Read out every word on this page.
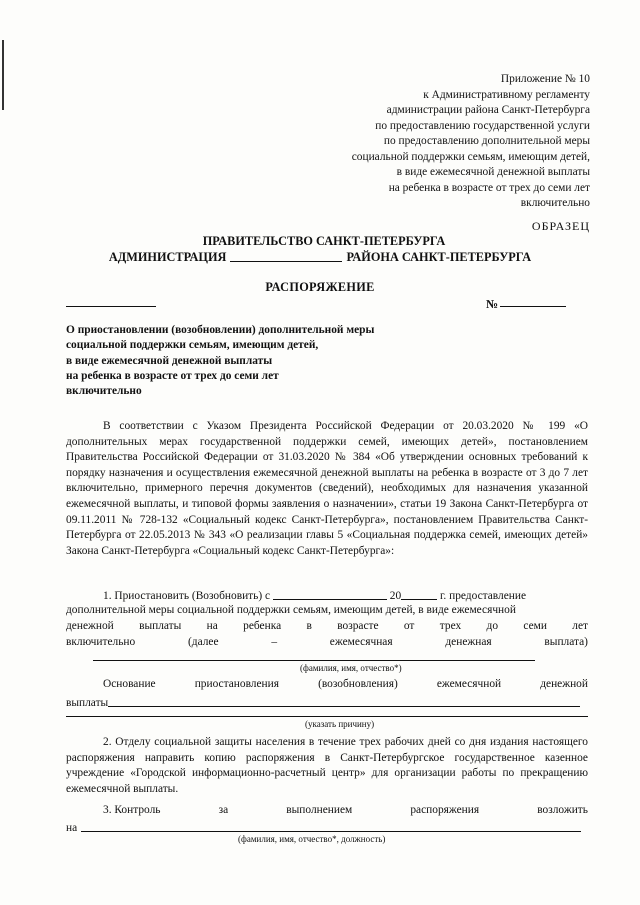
Приложение № 10
к Административному регламенту
администрации района Санкт-Петербурга
по предоставлению государственной услуги
по предоставлению дополнительной меры
социальной поддержки семьям, имеющим детей,
в виде ежемесячной денежной выплаты
на ребенка в возрасте от трех до семи лет
включительно
ОБРАЗЕЦ
ПРАВИТЕЛЬСТВО САНКТ-ПЕТЕРБУРГА
АДМИНИСТРАЦИЯ	РАЙОНА САНКТ-ПЕТЕРБУРГА
РАСПОРЯЖЕНИЕ
№
О приостановлении (возобновлении) дополнительной меры
социальной поддержки семьям, имеющим детей,
в виде ежемесячной денежной выплаты
на ребенка в возрасте от трех до семи лет
включительно
В соответствии с Указом Президента Российской Федерации от 20.03.2020 № 199 «О дополнительных мерах государственной поддержки семей, имеющих детей», постановлением Правительства Российской Федерации от 31.03.2020 № 384 «Об утверждении основных требований к порядку назначения и осуществления ежемесячной денежной выплаты на ребенка в возрасте от 3 до 7 лет включительно, примерного перечня документов (сведений), необходимых для назначения указанной ежемесячной выплаты, и типовой формы заявления о назначении», статьи 19 Закона Санкт-Петербурга от 09.11.2011 № 728-132 «Социальный кодекс Санкт-Петербурга», постановлением Правительства Санкт-Петербурга от 22.05.2013 № 343 «О реализации главы 5 «Социальная поддержка семей, имеющих детей» Закона Санкт-Петербурга «Социальный кодекс Санкт-Петербурга»:
1. Приостановить (Возобновить) с	20	г. предоставление
дополнительной меры социальной поддержки семьям, имеющим детей, в виде ежемесячной
денежной выплаты на ребенка в возрасте от трех до семи лет
включительно	(далее	–	ежемесячная	денежная	выплата)
(фамилия, имя, отчество*)
Основание	приостановления	(возобновления)	ежемесячной	денежной
выплаты
(указать причину)
2. Отделу социальной защиты населения в течение трех рабочих дней со дня издания настоящего распоряжения направить копию распоряжения в Санкт-Петербургское государственное казенное учреждение «Городской информационно-расчетный центр» для организации работы по прекращению ежемесячной выплаты.
3. Контроль	за	выполнением	распоряжения	возложить
на
(фамилия, имя, отчество*, должность)
